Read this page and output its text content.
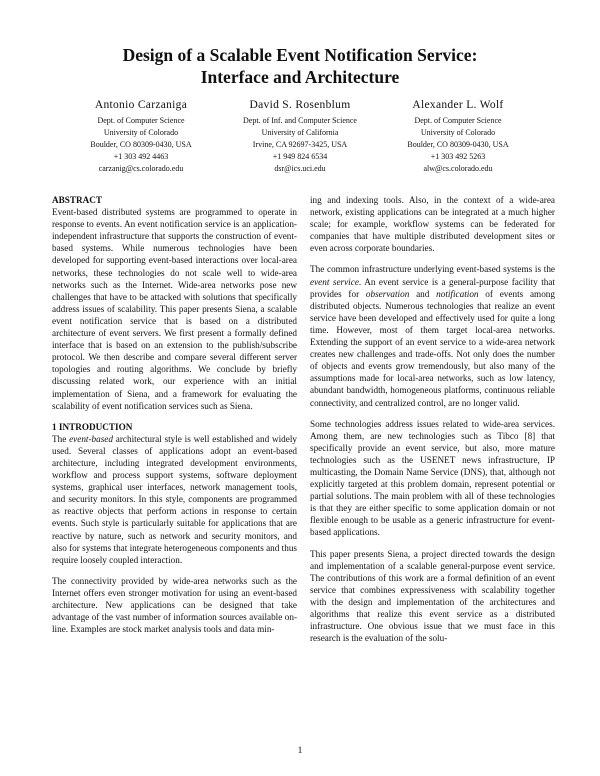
Design of a Scalable Event Notification Service:
Interface and Architecture
Antonio Carzaniga
Dept. of Computer Science
University of Colorado
Boulder, CO 80309-0430, USA
+1 303 492 4463
carzanig@cs.colorado.edu
David S. Rosenblum
Dept. of Inf. and Computer Science
University of California
Irvine, CA 92697-3425, USA
+1 949 824 6534
dsr@ics.uci.edu
Alexander L. Wolf
Dept. of Computer Science
University of Colorado
Boulder, CO 80309-0430, USA
+1 303 492 5263
alw@cs.colorado.edu
ABSTRACT

Event-based distributed systems are programmed to operate in response to events. An event notification service is an application-independent infrastructure that supports the construction of event-based systems. While numerous technologies have been developed for supporting event-based interactions over local-area networks, these technologies do not scale well to wide-area networks such as the Internet. Wide-area networks pose new challenges that have to be attacked with solutions that specifically address issues of scalability. This paper presents Siena, a scalable event notification service that is based on a distributed architecture of event servers. We first present a formally defined interface that is based on an extension to the publish/subscribe protocol. We then describe and compare several different server topologies and routing algorithms. We conclude by briefly discussing related work, our experience with an initial implementation of Siena, and a framework for evaluating the scalability of event notification services such as Siena.

1 INTRODUCTION

The event-based architectural style is well established and widely used. Several classes of applications adopt an event-based architecture, including integrated development environments, workflow and process support systems, software deployment systems, graphical user interfaces, network management tools, and security monitors. In this style, components are programmed as reactive objects that perform actions in response to certain events. Such style is particularly suitable for applications that are reactive by nature, such as network and security monitors, and also for systems that integrate heterogeneous components and thus require loosely coupled interaction.

The connectivity provided by wide-area networks such as the Internet offers even stronger motivation for using an event-based architecture. New applications can be designed that take advantage of the vast number of information sources available on-line. Examples are stock market analysis tools and data min-

ing and indexing tools. Also, in the context of a wide-area network, existing applications can be integrated at a much higher scale; for example, workflow systems can be federated for companies that have multiple distributed development sites or even across corporate boundaries.

The common infrastructure underlying event-based systems is the event service. An event service is a general-purpose facility that provides for observation and notification of events among distributed objects. Numerous technologies that realize an event service have been developed and effectively used for quite a long time. However, most of them target local-area networks. Extending the support of an event service to a wide-area network creates new challenges and trade-offs. Not only does the number of objects and events grow tremendously, but also many of the assumptions made for local-area networks, such as low latency, abundant bandwidth, homogeneous platforms, continuous reliable connectivity, and centralized control, are no longer valid.

Some technologies address issues related to wide-area services. Among them, are new technologies such as Tibco [8] that specifically provide an event service, but also, more mature technologies such as the USENET news infrastructure, IP multicasting, the Domain Name Service (DNS), that, although not explicitly targeted at this problem domain, represent potential or partial solutions. The main problem with all of these technologies is that they are either specific to some application domain or not flexible enough to be usable as a generic infrastructure for event-based applications.

This paper presents Siena, a project directed towards the design and implementation of a scalable general-purpose event service. The contributions of this work are a formal definition of an event service that combines expressiveness with scalability together with the design and implementation of the architectures and algorithms that realize this event service as a distributed infrastructure. One obvious issue that we must face in this research is the evaluation of the solu-

1
